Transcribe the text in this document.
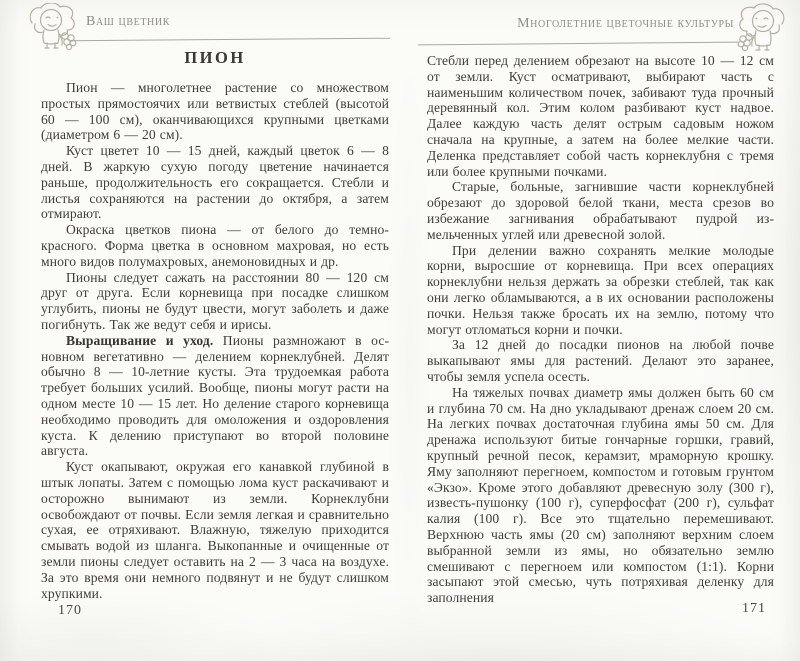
Ваш цветник	Многолетние цветочные культуры
ПИОН

Пион — многолетнее растение со множеством простых прямостоячих или ветвистых стеблей (высотой 60 — 100 см), оканчивающихся крупными цветками (диаметром 6 — 20 см).

Куст цветет 10 — 15 дней, каждый цветок 6 — 8 дней. В жаркую сухую погоду цветение начинается раньше, продолжительность его сокращается. Стебли и листья сохраняются на растении до октября, а затем отмирают.

Окраска цветков пиона — от белого до темно-красного. Форма цветка в основном махровая, но есть много видов полумахровых, анемоновидных и др.

Пионы следует сажать на расстоянии 80 — 120 см друг от друга. Если корневища при посадке слишком углубить, пионы не будут цвести, могут заболеть и даже погибнуть. Так же ведут себя и ирисы.

Выращивание и уход. Пионы размножают в основном вегетативно — делением корнеклубней. Делят обычно 8 — 10-летние кусты. Эта трудоемкая работа требует больших усилий. Вообще, пионы могут расти на одном месте 10 — 15 лет. Но деление старого корневища необходимо проводить для омоложения и оздоровления куста. К делению приступают во второй половине августа.

Куст окапывают, окружая его канавкой глубиной в штык лопаты. Затем с помощью лома куст раскачивают и осторожно вынимают из земли. Корнеклубни освобождают от почвы. Если земля легкая и сравнительно сухая, ее отряхивают. Влажную, тяжелую приходится смывать водой из шланга. Выкопанные и очищенные от земли пионы следует оставить на 2 — 3 часа на воздухе. За это время они немного подвянут и не будут слишком хрупкими.

Стебли перед делением обрезают на высоте 10 — 12 см от земли. Куст осматривают, выбирают часть с наименьшим количеством почек, забивают туда прочный деревянный кол. Этим колом разбивают куст надвое. Далее каждую часть делят острым садовым ножом сначала на крупные, а затем на более мелкие части. Деленка представляет собой часть корнеклубня с тремя или более крупными почками.

Старые, больные, загнившие части корнеклубней обрезают до здоровой белой ткани, места срезов во избежание загнивания обрабатывают пудрой измельченных углей или древесной золой.

При делении важно сохранять мелкие молодые корни, выросшие от корневища. При всех операциях корнеклубни нельзя держать за обрезки стеблей, так как они легко обламываются, а в их основании расположены почки. Нельзя также бросать их на землю, потому что могут отломаться корни и почки.

За 12 дней до посадки пионов на любой почве выкапывают ямы для растений. Делают это заранее, чтобы земля успела осесть.

На тяжелых почвах диаметр ямы должен быть 60 см и глубина 70 см. На дно укладывают дренаж слоем 20 см. На легких почвах достаточная глубина ямы 50 см. Для дренажа используют битые гончарные горшки, гравий, крупный речной песок, керамзит, мраморную крошку. Яму заполняют перегноем, компостом и готовым грунтом «Экзо». Кроме этого добавляют древесную золу (300 г), известь-пушонку (100 г), суперфосфат (200 г), сульфат калия (100 г). Все это тщательно перемешивают. Верхнюю часть ямы (20 см) заполняют верхним слоем выбранной земли из ямы, но обязательно землю смешивают с перегноем или компостом (1:1). Корни засыпают этой смесью, чуть потряхивая деленку для заполнения

170	171
